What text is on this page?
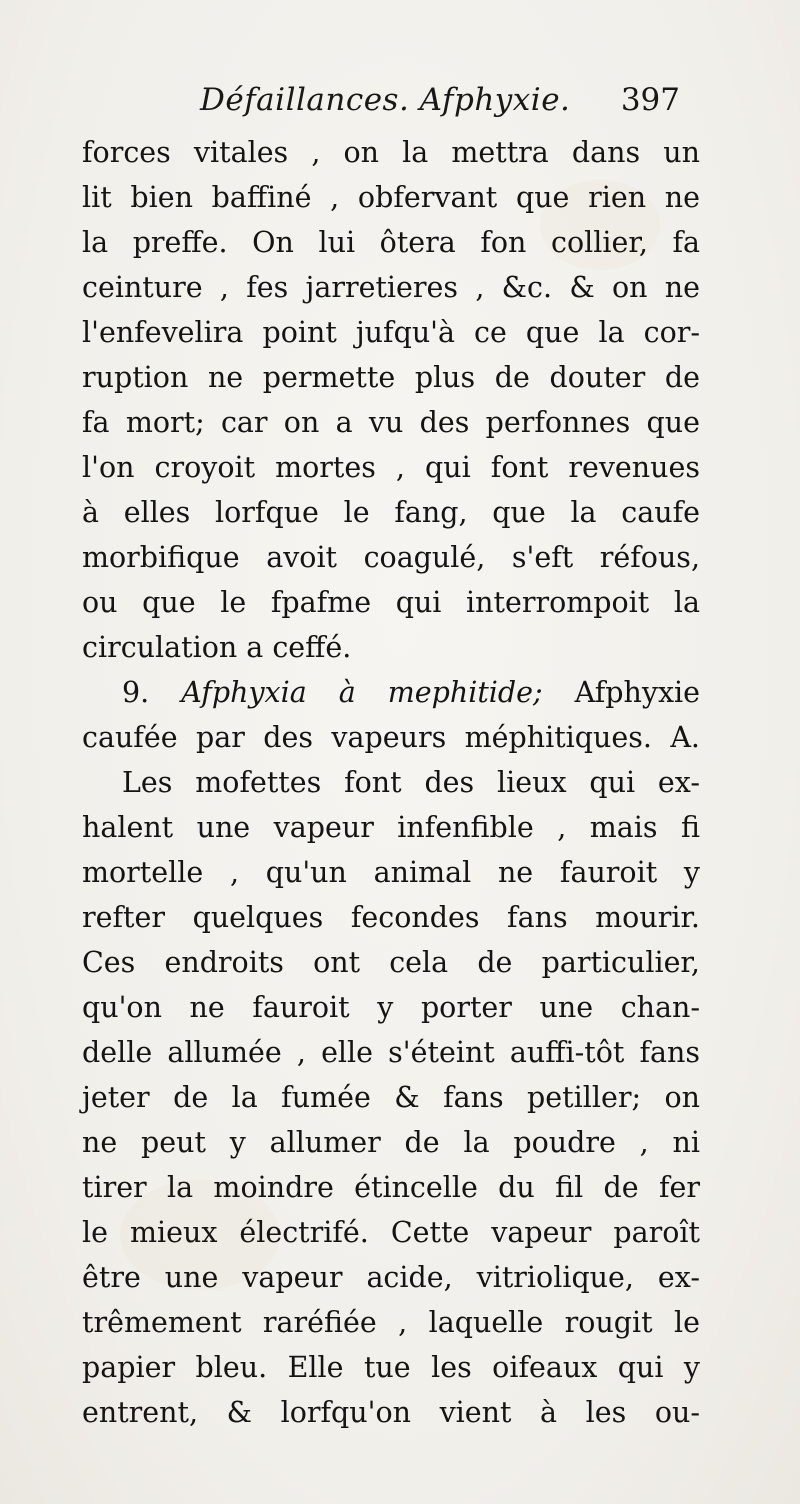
Défaillances. Afphyxie. 397
forces vitales , on la mettra dans un
lit bien baffiné , obfervant que rien ne
la preffe. On lui ôtera fon collier, fa
ceinture , fes jarretieres , &c. & on ne
l'enfevelira point jufqu'à ce que la cor-
ruption ne permette plus de douter de
fa mort; car on a vu des perfonnes que
l'on croyoit mortes , qui font revenues
à elles lorfque le fang, que la caufe
morbifique avoit coagulé, s'eft réfous,
ou que le fpafme qui interrompoit la
circulation a ceffé.
9. Afphyxia à mephitide; Afphyxie
caufée par des vapeurs méphitiques. A.
Les mofettes font des lieux qui ex-
halent une vapeur infenfible , mais fi
mortelle , qu'un animal ne fauroit y
refter quelques fecondes fans mourir.
Ces endroits ont cela de particulier,
qu'on ne fauroit y porter une chan-
delle allumée , elle s'éteint auffi-tôt fans
jeter de la fumée & fans petiller; on
ne peut y allumer de la poudre , ni
tirer la moindre étincelle du fil de fer
le mieux électrifé. Cette vapeur paroît
être une vapeur acide, vitriolique, ex-
trêmement raréfiée , laquelle rougit le
papier bleu. Elle tue les oifeaux qui y
entrent, & lorfqu'on vient à les ou-
